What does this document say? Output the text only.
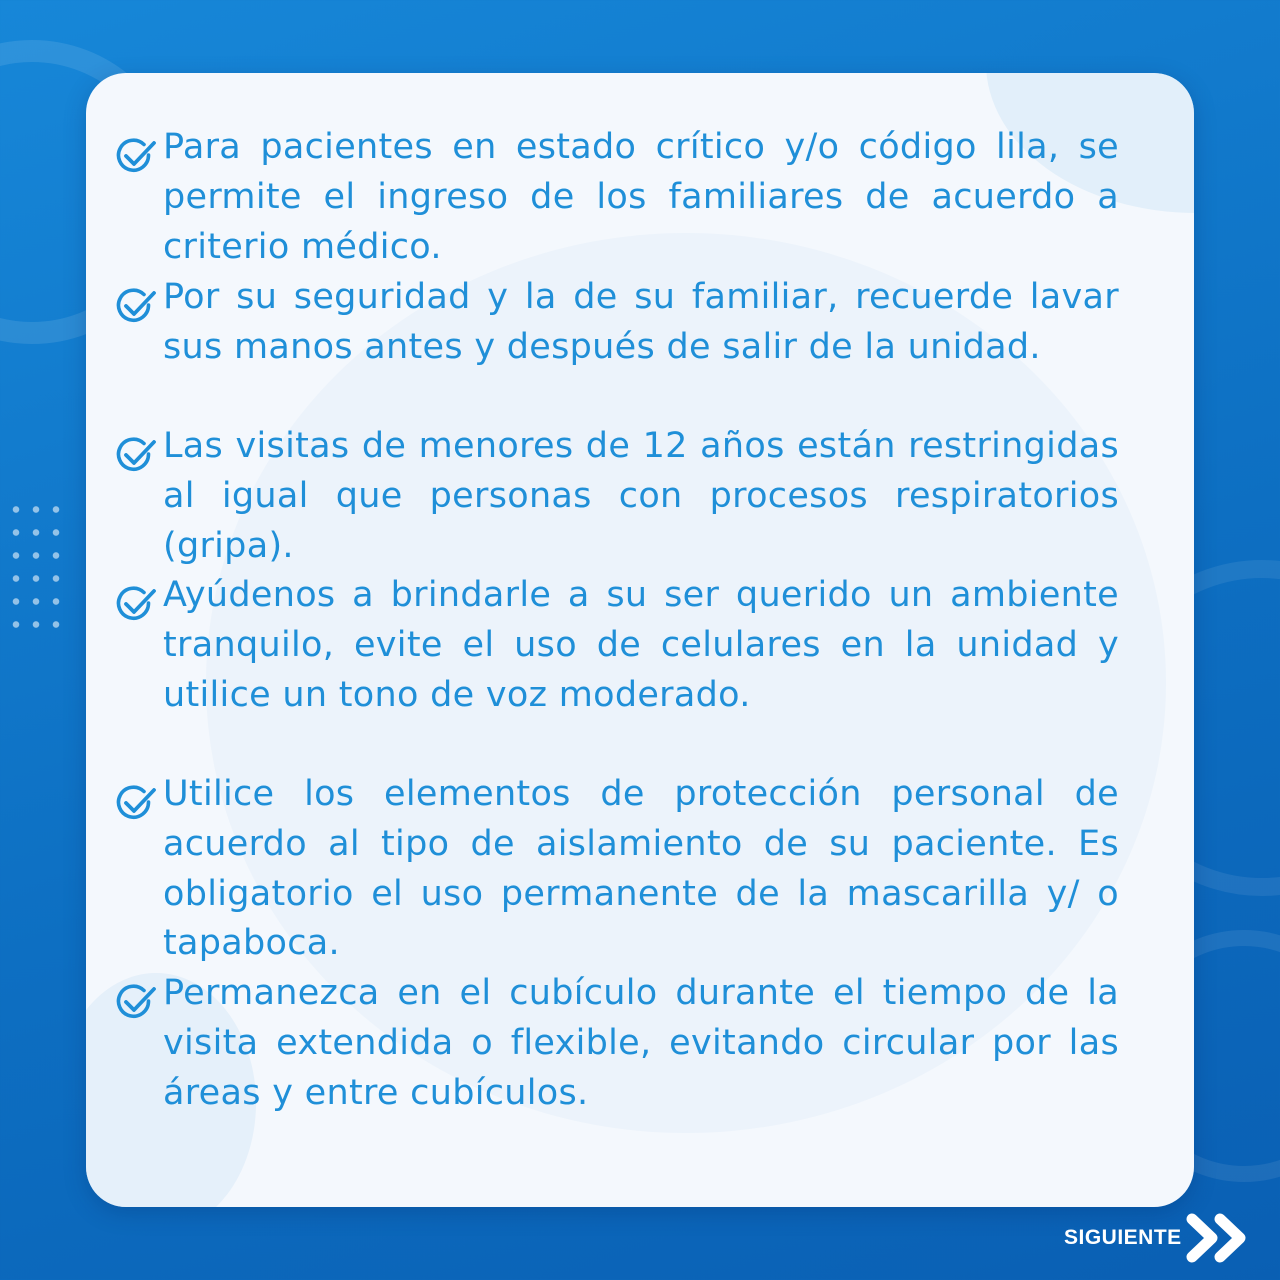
Para pacientes en estado crítico y/o código lila, se permite el ingreso de los familiares de acuerdo a criterio médico.

Por su seguridad y la de su familiar, recuerde lavar sus manos antes y después de salir de la unidad.

Las visitas de menores de 12 años están restringidas al igual que personas con procesos respiratorios (gripa).

Ayúdenos a brindarle a su ser querido un ambiente tranquilo, evite el uso de celulares en la unidad y utilice un tono de voz moderado.

Utilice los elementos de protección personal de acuerdo al tipo de aislamiento de su paciente. Es obligatorio el uso permanente de la mascarilla y/ o tapaboca.

Permanezca en el cubículo durante el tiempo de la visita extendida o flexible, evitando circular por las áreas y entre cubículos.

SIGUIENTE
